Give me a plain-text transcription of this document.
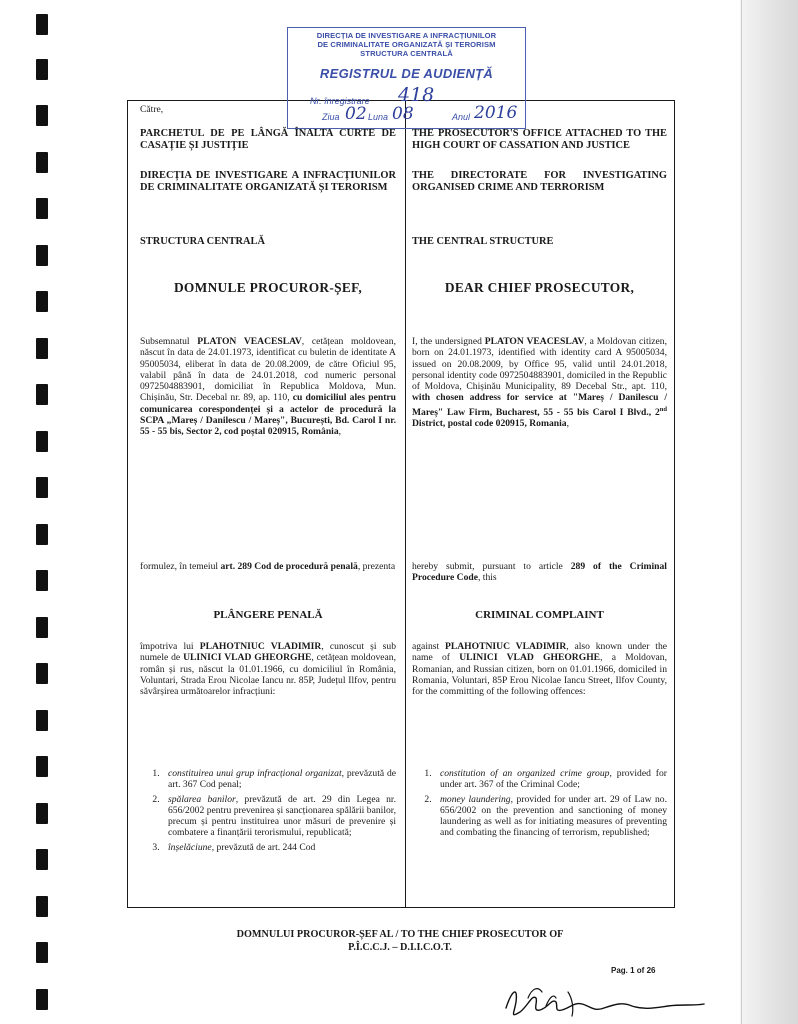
DIRECȚIA DE INVESTIGARE A INFRACȚIUNILOR
DE CRIMINALITATE ORGANIZATĂ ȘI TERORISM
STRUCTURA CENTRALĂ
REGISTRUL DE AUDIENȚĂ
Nr. înregistrare 418
Ziua 02 Luna 08	Anul 2016
Către,
PARCHETUL DE PE LÂNGĂ ÎNALTA CURTE DE CASAȚIE ȘI JUSTIȚIE
DIRECȚIA DE INVESTIGARE A INFRACȚIUNILOR DE CRIMINALITATE ORGANIZATĂ ȘI TERORISM
STRUCTURA CENTRALĂ
DOMNULE PROCUROR-ȘEF,
Subsemnatul PLATON VEACESLAV, cetățean moldovean, născut în data de 24.01.1973, identificat cu buletin de identitate A 95005034, eliberat în data de 20.08.2009, de către Oficiul 95, valabil până în data de 24.01.2018, cod numeric personal 0972504883901, domiciliat în Republica Moldova, Mun. Chișinău, Str. Decebal nr. 89, ap. 110, cu domiciliul ales pentru comunicarea corespondenței și a actelor de procedură la SCPA „Mareș / Danilescu / Mareș", București, Bd. Carol I nr. 55 - 55 bis, Sector 2, cod poștal 020915, România,
formulez, în temeiul art. 289 Cod de procedură penală, prezenta
PLÂNGERE PENALĂ
împotriva lui PLAHOTNIUC VLADIMIR, cunoscut și sub numele de ULINICI VLAD GHEORGHE, cetățean moldovean, român și rus, născut la 01.01.1966, cu domiciliul în România, Voluntari, Strada Erou Nicolae Iancu nr. 85P, Județul Ilfov, pentru săvârșirea următoarelor infracțiuni:
1. constituirea unui grup infracțional organizat, prevăzută de art. 367 Cod penal;
2. spălarea banilor, prevăzută de art. 29 din Legea nr. 656/2002 pentru prevenirea și sancționarea spălării banilor, precum și pentru instituirea unor măsuri de prevenire și combatere a finanțării terorismului, republicată;
3. înșelăciune, prevăzută de art. 244 Cod
THE PROSECUTOR'S OFFICE ATTACHED TO THE HIGH COURT OF CASSATION AND JUSTICE
THE DIRECTORATE FOR INVESTIGATING ORGANISED CRIME AND TERRORISM
THE CENTRAL STRUCTURE
DEAR CHIEF PROSECUTOR,
I, the undersigned PLATON VEACESLAV, a Moldovan citizen, born on 24.01.1973, identified with identity card A 95005034, issued on 20.08.2009, by Office 95, valid until 24.01.2018, personal identity code 0972504883901, domiciled in the Republic of Moldova, Chișinău Municipality, 89 Decebal Str., apt. 110, with chosen address for service at "Mareș / Danilescu / Mareș" Law Firm, Bucharest, 55 - 55 bis Carol I Blvd., 2nd District, postal code 020915, Romania,
hereby submit, pursuant to article 289 of the Criminal Procedure Code, this
CRIMINAL COMPLAINT
against PLAHOTNIUC VLADIMIR, also known under the name of ULINICI VLAD GHEORGHE, a Moldovan, Romanian, and Russian citizen, born on 01.01.1966, domiciled in Romania, Voluntari, 85P Erou Nicolae Iancu Street, Ilfov County, for the committing of the following offences:
1. constitution of an organized crime group, provided for under art. 367 of the Criminal Code;
2. money laundering, provided for under art. 29 of Law no. 656/2002 on the prevention and sanctioning of money laundering as well as for initiating measures of preventing and combating the financing of terrorism, republished;
DOMNULUI PROCUROR-ȘEF AL / TO THE CHIEF PROSECUTOR OF
P.Î.C.C.J. – D.I.I.C.O.T.
Pag. 1 of 26
